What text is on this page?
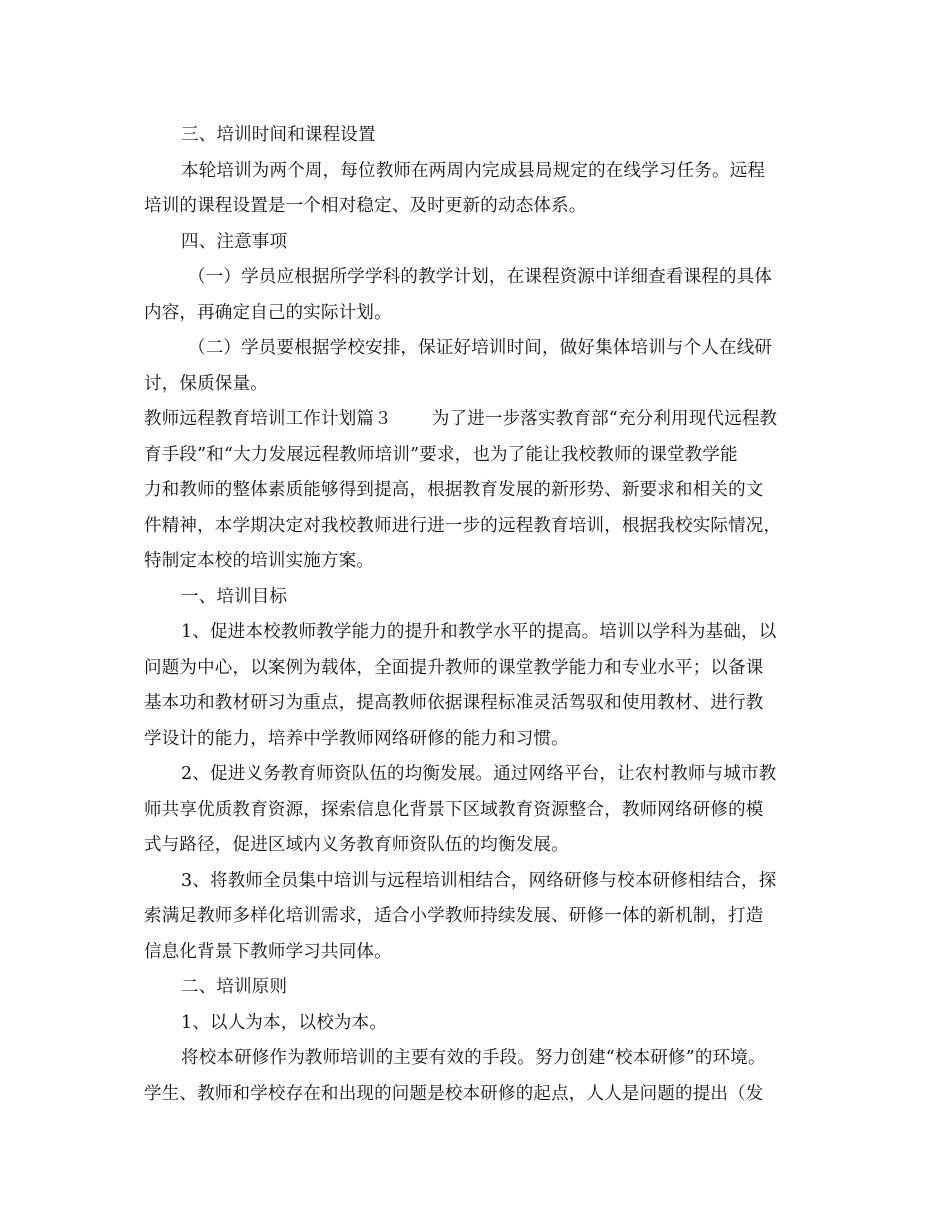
三、培训时间和课程设置
本轮培训为两个周，每位教师在两周内完成县局规定的在线学习任务。远程
培训的课程设置是一个相对稳定、及时更新的动态体系。
四、注意事项
（一）学员应根据所学学科的教学计划，在课程资源中详细查看课程的具体
内容，再确定自己的实际计划。
（二）学员要根据学校安排，保证好培训时间，做好集体培训与个人在线研
讨，保质保量。
教师远程教育培训工作计划篇３ 为了进一步落实教育部“充分利用现代远程教
育手段”和“大力发展远程教师培训”要求，也为了能让我校教师的课堂教学能
力和教师的整体素质能够得到提高，根据教育发展的新形势、新要求和相关的文
件精神，本学期决定对我校教师进行进一步的远程教育培训，根据我校实际情况，
特制定本校的培训实施方案。
一、培训目标
1、促进本校教师教学能力的提升和教学水平的提高。培训以学科为基础，以
问题为中心，以案例为载体，全面提升教师的课堂教学能力和专业水平；以备课
基本功和教材研习为重点，提高教师依据课程标准灵活驾驭和使用教材、进行教
学设计的能力，培养中学教师网络研修的能力和习惯。
2、促进义务教育师资队伍的均衡发展。通过网络平台，让农村教师与城市教
师共享优质教育资源，探索信息化背景下区域教育资源整合，教师网络研修的模
式与路径，促进区域内义务教育师资队伍的均衡发展。
3、将教师全员集中培训与远程培训相结合，网络研修与校本研修相结合，探
索满足教师多样化培训需求，适合小学教师持续发展、研修一体的新机制，打造
信息化背景下教师学习共同体。
二、培训原则
1、以人为本，以校为本。
将校本研修作为教师培训的主要有效的手段。努力创建“校本研修”的环境。
学生、教师和学校存在和出现的问题是校本研修的起点，人人是问题的提出（发
